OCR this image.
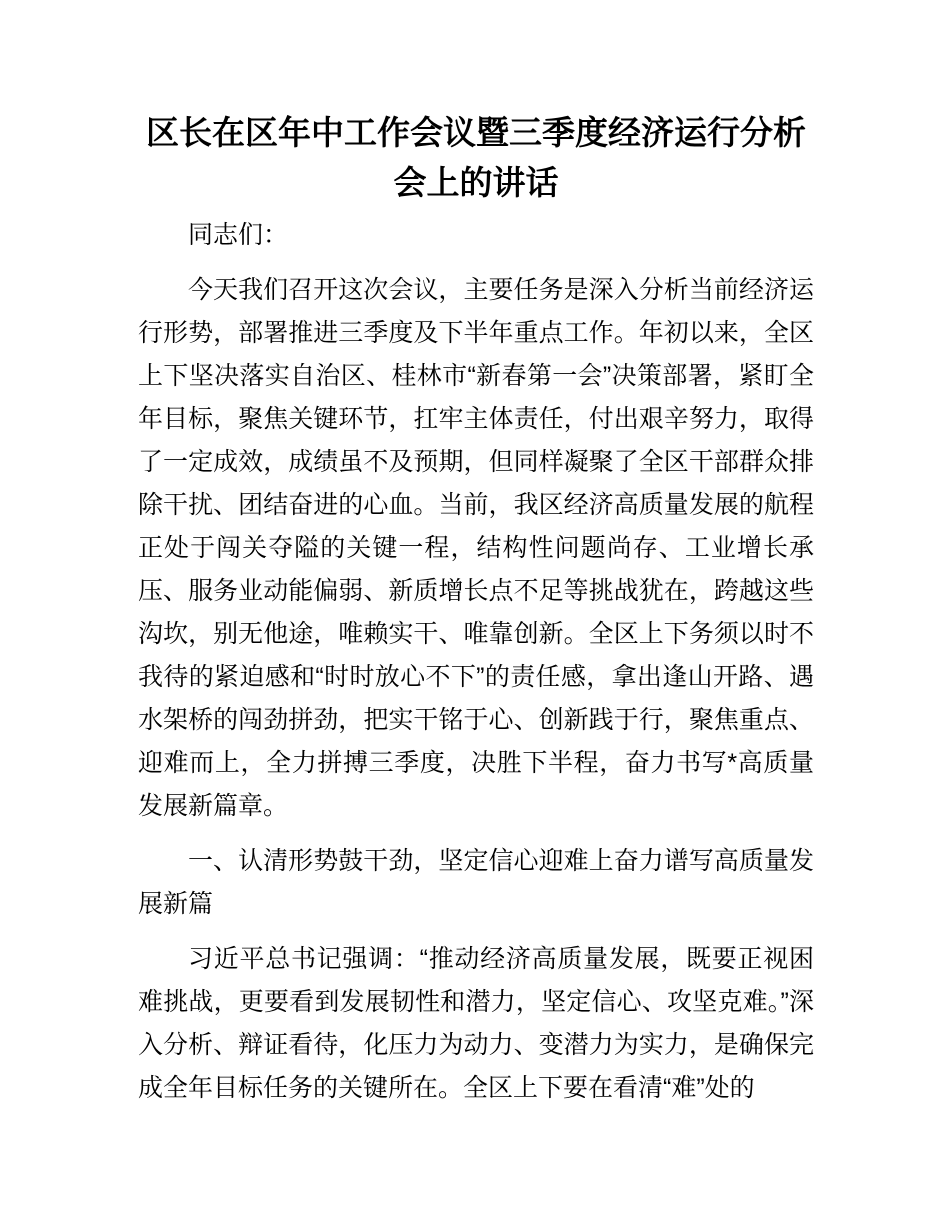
区长在区年中工作会议暨三季度经济运行分析会上的讲话

同志们：

今天我们召开这次会议，主要任务是深入分析当前经济运行形势，部署推进三季度及下半年重点工作。年初以来，全区上下坚决落实自治区、桂林市“新春第一会”决策部署，紧盯全年目标，聚焦关键环节，扛牢主体责任，付出艰辛努力，取得了一定成效，成绩虽不及预期，但同样凝聚了全区干部群众排除干扰、团结奋进的心血。当前，我区经济高质量发展的航程正处于闯关夺隘的关键一程，结构性问题尚存、工业增长承压、服务业动能偏弱、新质增长点不足等挑战犹在，跨越这些沟坎，别无他途，唯赖实干、唯靠创新。全区上下务须以时不我待的紧迫感和“时时放心不下”的责任感，拿出逢山开路、遇水架桥的闯劲拼劲，把实干铭于心、创新践于行，聚焦重点、迎难而上，全力拼搏三季度，决胜下半程，奋力书写*高质量发展新篇章。

一、认清形势鼓干劲，坚定信心迎难上奋力谱写高质量发展新篇

习近平总书记强调：“推动经济高质量发展，既要正视困难挑战，更要看到发展韧性和潜力，坚定信心、攻坚克难。”深入分析、辩证看待，化压力为动力、变潜力为实力，是确保完成全年目标任务的关键所在。全区上下要在看清“难”处的
